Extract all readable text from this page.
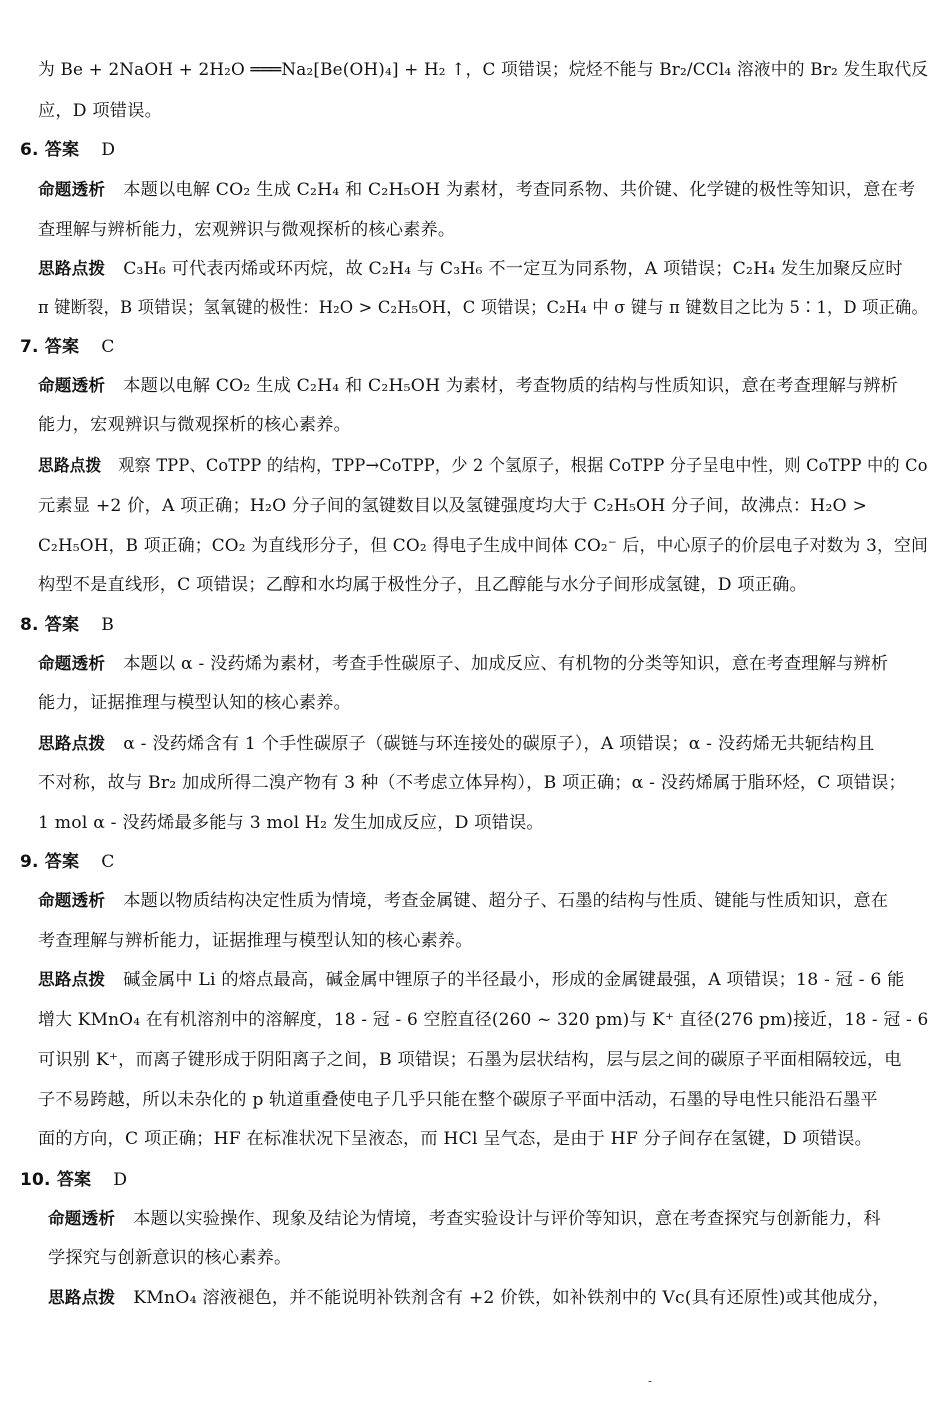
为 Be + 2NaOH + 2H₂O ═══Na₂[Be(OH)₄] + H₂ ↑，C 项错误；烷烃不能与 Br₂/CCl₄ 溶液中的 Br₂ 发生取代反
应，D 项错误。
6. 答案 D
命题透析 本题以电解 CO₂ 生成 C₂H₄ 和 C₂H₅OH 为素材，考查同系物、共价键、化学键的极性等知识，意在考
查理解与辨析能力，宏观辨识与微观探析的核心素养。
思路点拨 C₃H₆ 可代表丙烯或环丙烷，故 C₂H₄ 与 C₃H₆ 不一定互为同系物，A 项错误；C₂H₄ 发生加聚反应时
π 键断裂，B 项错误；氢氧键的极性：H₂O > C₂H₅OH，C 项错误；C₂H₄ 中 σ 键与 π 键数目之比为 5∶1，D 项正确。
7. 答案 C
命题透析 本题以电解 CO₂ 生成 C₂H₄ 和 C₂H₅OH 为素材，考查物质的结构与性质知识，意在考查理解与辨析
能力，宏观辨识与微观探析的核心素养。
思路点拨 观察 TPP、CoTPP 的结构，TPP→CoTPP，少 2 个氢原子，根据 CoTPP 分子呈电中性，则 CoTPP 中的 Co
元素显 +2 价，A 项正确；H₂O 分子间的氢键数目以及氢键强度均大于 C₂H₅OH 分子间，故沸点：H₂O >
C₂H₅OH，B 项正确；CO₂ 为直线形分子，但 CO₂ 得电子生成中间体 CO₂⁻ 后，中心原子的价层电子对数为 3，空间
构型不是直线形，C 项错误；乙醇和水均属于极性分子，且乙醇能与水分子间形成氢键，D 项正确。
8. 答案 B
命题透析 本题以 α - 没药烯为素材，考查手性碳原子、加成反应、有机物的分类等知识，意在考查理解与辨析
能力，证据推理与模型认知的核心素养。
思路点拨 α - 没药烯含有 1 个手性碳原子（碳链与环连接处的碳原子），A 项错误；α - 没药烯无共轭结构且
不对称，故与 Br₂ 加成所得二溴产物有 3 种（不考虑立体异构），B 项正确；α - 没药烯属于脂环烃，C 项错误；
1 mol α - 没药烯最多能与 3 mol H₂ 发生加成反应，D 项错误。
9. 答案 C
命题透析 本题以物质结构决定性质为情境，考查金属键、超分子、石墨的结构与性质、键能与性质知识，意在
考查理解与辨析能力，证据推理与模型认知的核心素养。
思路点拨 碱金属中 Li 的熔点最高，碱金属中锂原子的半径最小，形成的金属键最强，A 项错误；18 - 冠 - 6 能
增大 KMnO₄ 在有机溶剂中的溶解度，18 - 冠 - 6 空腔直径(260 ~ 320 pm)与 K⁺ 直径(276 pm)接近，18 - 冠 - 6
可识别 K⁺，而离子键形成于阴阳离子之间，B 项错误；石墨为层状结构，层与层之间的碳原子平面相隔较远，电
子不易跨越，所以未杂化的 p 轨道重叠使电子几乎只能在整个碳原子平面中活动，石墨的导电性只能沿石墨平
面的方向，C 项正确；HF 在标准状况下呈液态，而 HCl 呈气态，是由于 HF 分子间存在氢键，D 项错误。
10. 答案 D
命题透析 本题以实验操作、现象及结论为情境，考查实验设计与评价等知识，意在考查探究与创新能力，科
学探究与创新意识的核心素养。
思路点拨 KMnO₄ 溶液褪色，并不能说明补铁剂含有 +2 价铁，如补铁剂中的 Vc(具有还原性)或其他成分，
-
